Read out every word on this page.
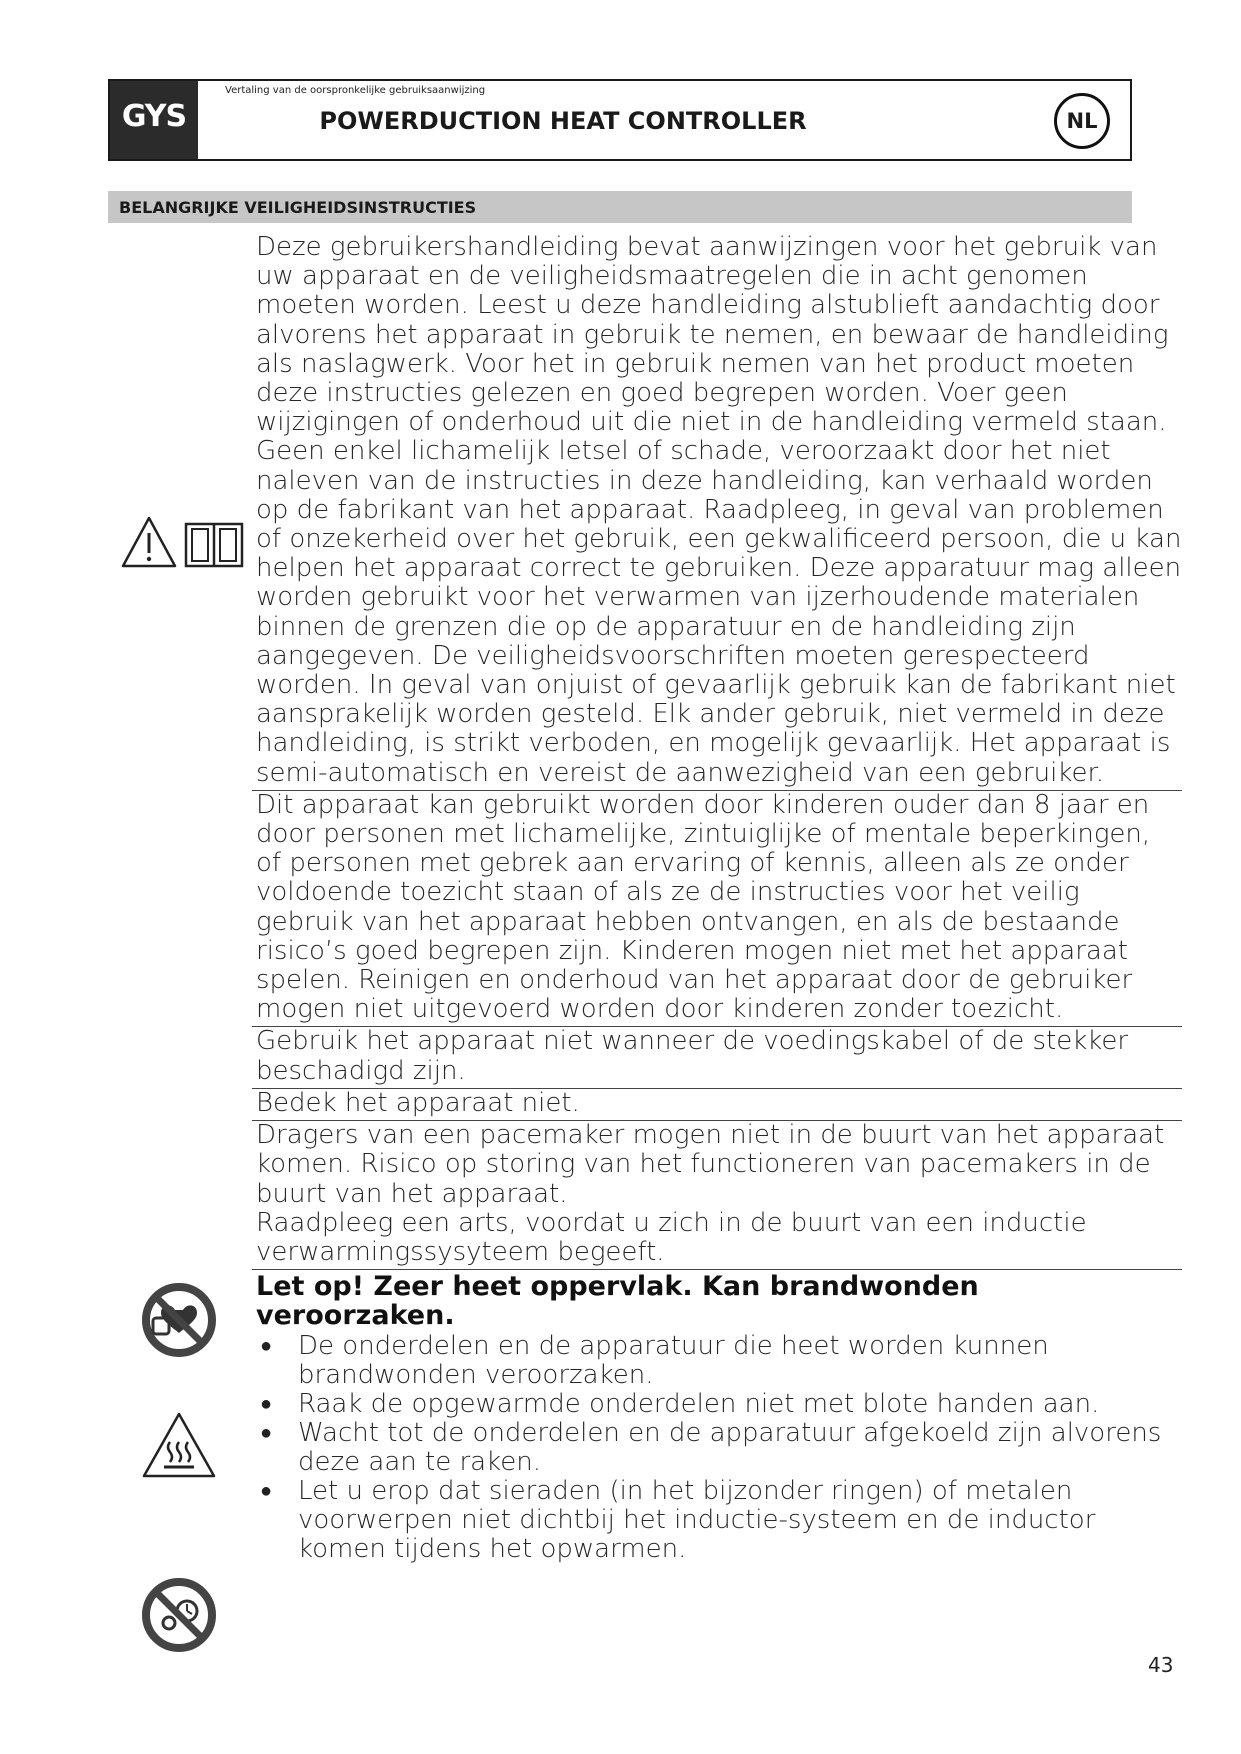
GYS
Vertaling van de oorspronkelijke gebruiksaanwijzing
POWERDUCTION HEAT CONTROLLER	NL
BELANGRIJKE VEILIGHEIDSINSTRUCTIES

Deze gebruikershandleiding bevat aanwijzingen voor het gebruik van uw apparaat en de veiligheidsmaatregelen die in acht genomen moeten worden. Leest u deze handleiding alstublieft aandachtig door alvorens het apparaat in gebruik te nemen, en bewaar de handleiding als naslagwerk. Voor het in gebruik nemen van het product moeten deze instructies gelezen en goed begrepen worden. Voer geen wijzigingen of onderhoud uit die niet in de handleiding vermeld staan. Geen enkel lichamelijk letsel of schade, veroorzaakt door het niet naleven van de instructies in deze handleiding, kan verhaald worden op de fabrikant van het apparaat. Raadpleeg, in geval van problemen of onzekerheid over het gebruik, een gekwalificeerd persoon, die u kan helpen het apparaat correct te gebruiken. Deze apparatuur mag alleen worden gebruikt voor het verwarmen van ijzerhoudende materialen binnen de grenzen die op de apparatuur en de handleiding zijn aangegeven. De veiligheidsvoorschriften moeten gerespecteerd worden. In geval van onjuist of gevaarlijk gebruik kan de fabrikant niet aansprakelijk worden gesteld. Elk ander gebruik, niet vermeld in deze handleiding, is strikt verboden, en mogelijk gevaarlijk. Het apparaat is semi-automatisch en vereist de aanwezigheid van een gebruiker.

Dit apparaat kan gebruikt worden door kinderen ouder dan 8 jaar en door personen met lichamelijke, zintuiglijke of mentale beperkingen, of personen met gebrek aan ervaring of kennis, alleen als ze onder voldoende toezicht staan of als ze de instructies voor het veilig gebruik van het apparaat hebben ontvangen, en als de bestaande risico’s goed begrepen zijn. Kinderen mogen niet met het apparaat spelen. Reinigen en onderhoud van het apparaat door de gebruiker mogen niet uitgevoerd worden door kinderen zonder toezicht.

Gebruik het apparaat niet wanneer de voedingskabel of de stekker beschadigd zijn.

Bedek het apparaat niet.

Dragers van een pacemaker mogen niet in de buurt van het apparaat komen. Risico op storing van het functioneren van pacemakers in de buurt van het apparaat.

Raadpleeg een arts, voordat u zich in de buurt van een inductie verwarmingssysyteem begeeft.

Let op! Zeer heet oppervlak. Kan brandwonden veroorzaken.
● De onderdelen en de apparatuur die heet worden kunnen brandwonden veroorzaken.
● Raak de opgewarmde onderdelen niet met blote handen aan.
● Wacht tot de onderdelen en de apparatuur afgekoeld zijn alvorens deze aan te raken.
● Let u erop dat sieraden (in het bijzonder ringen) of metalen voorwerpen niet dichtbij het inductie-systeem en de inductor komen tijdens het opwarmen.
43
